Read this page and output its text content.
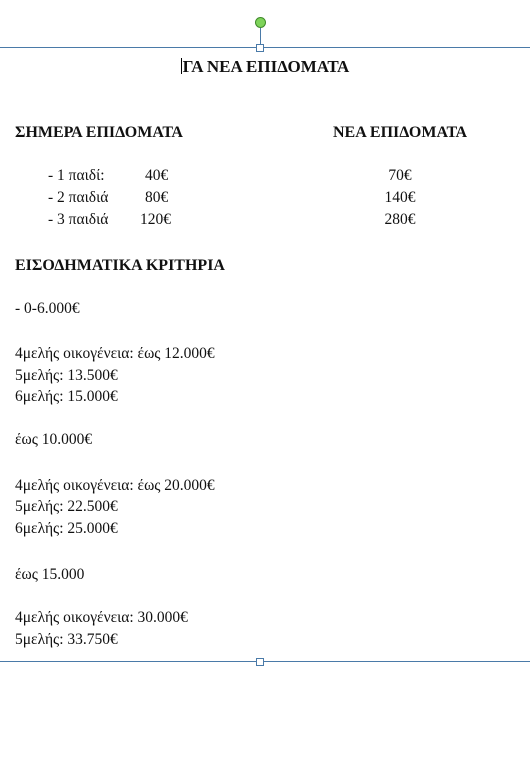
ΓΑ ΝΕΑ ΕΠΙΔΟΜΑΤΑ
ΣΗΜΕΡΑ ΕΠΙΔΟΜΑΤΑ	ΝΕΑ ΕΠΙΔΟΜΑΤΑ
- 1 παιδί:	40€	70€
- 2 παιδιά 80€	140€
- 3 παιδιά 120€	280€
ΕΙΣΟΔΗΜΑΤΙΚΑ ΚΡΙΤΗΡΙΑ
- 0-6.000€
4μελής οικογένεια: έως 12.000€
5μελής: 13.500€
6μελής: 15.000€
έως 10.000€
4μελής οικογένεια: έως 20.000€
5μελής: 22.500€
6μελής: 25.000€
έως 15.000
4μελής οικογένεια: 30.000€
5μελής: 33.750€
